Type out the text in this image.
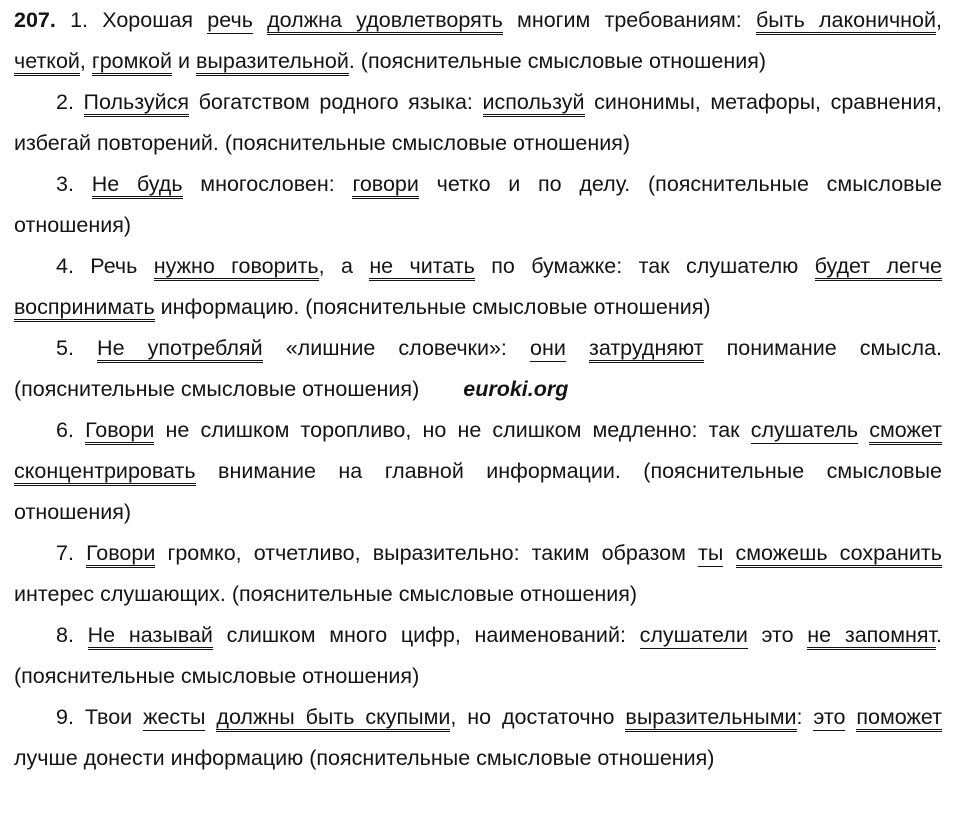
207. 1. Хорошая речь должна удовлетворять многим требованиям: быть лаконичной, четкой, громкой и выразительной. (пояснительные смысловые отношения)

2. Пользуйся богатством родного языка: используй синонимы, метафоры, сравнения, избегай повторений. (пояснительные смысловые отношения)

3. Не будь многословен: говори четко и по делу. (пояснительные смысловые отношения)

4. Речь нужно говорить, а не читать по бумажке: так слушателю будет легче воспринимать информацию. (пояснительные смысловые отношения)

5. Не употребляй «лишние словечки»: они затрудняют понимание смысла. (пояснительные смысловые отношения) euroki.org

6. Говори не слишком торопливо, но не слишком медленно: так слушатель сможет сконцентрировать внимание на главной информации. (пояснительные смысловые отношения)

7. Говори громко, отчетливо, выразительно: таким образом ты сможешь сохранить интерес слушающих. (пояснительные смысловые отношения)

8. Не называй слишком много цифр, наименований: слушатели это не запомнят. (пояснительные смысловые отношения)

9. Твои жесты должны быть скупыми, но достаточно выразительными: это поможет лучше донести информацию (пояснительные смысловые отношения)
